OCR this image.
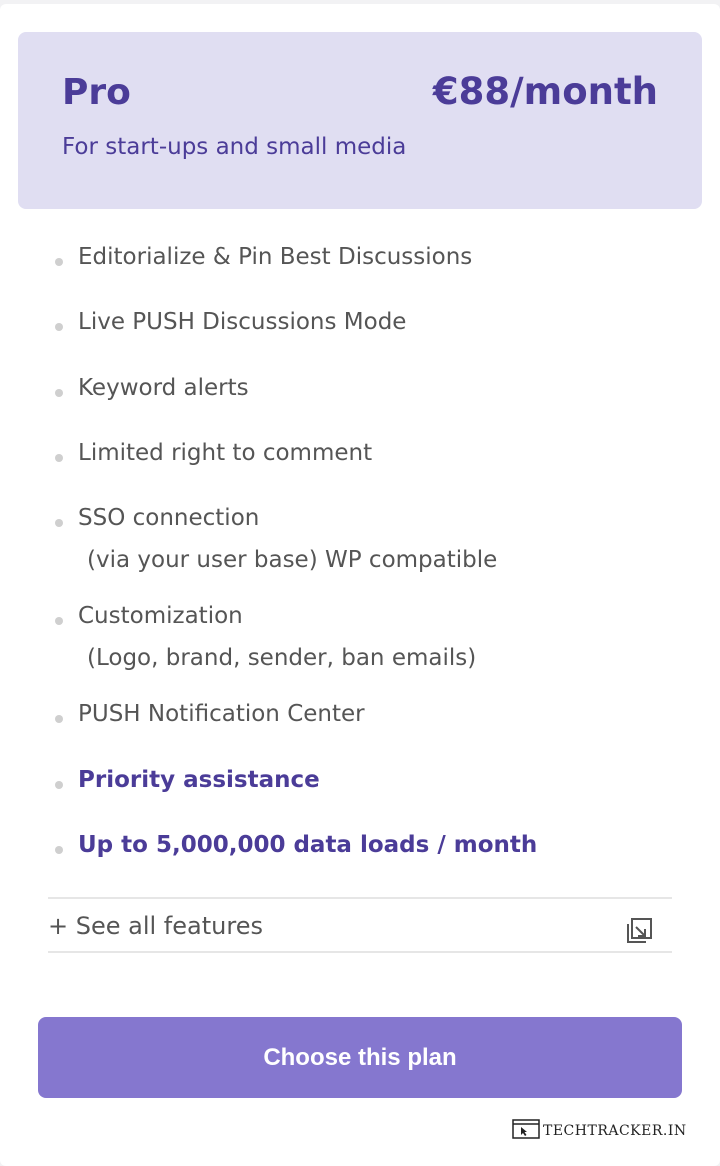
Pro	€88/month
For start-ups and small media
Editorialize & Pin Best Discussions
Live PUSH Discussions Mode
Keyword alerts
Limited right to comment
SSO connection
(via your user base) WP compatible
Customization
(Logo, brand, sender, ban emails)
PUSH Notification Center
Priority assistance
Up to 5,000,000 data loads / month
+ See all features
Choose this plan
TECHTRACKER.IN
